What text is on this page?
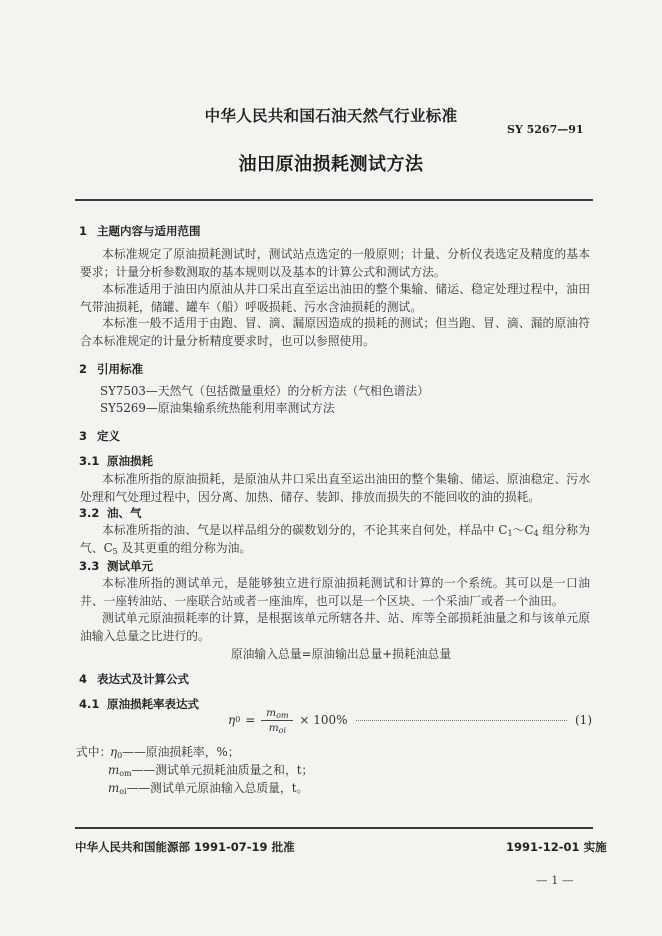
中华人民共和国石油天然气行业标准
SY 5267—91
油田原油损耗测试方法
1 主题内容与适用范围
本标准规定了原油损耗测试时，测试站点选定的一般原则；计量、分析仪表选定及精度的基本要求；计量分析参数测取的基本规则以及基本的计算公式和测试方法。
本标准适用于油田内原油从井口采出直至运出油田的整个集输、储运、稳定处理过程中，油田气带油损耗，储罐、罐车（船）呼吸损耗、污水含油损耗的测试。
本标准一般不适用于由跑、冒、滴、漏原因造成的损耗的测试；但当跑、冒、滴、漏的原油符合本标准规定的计量分析精度要求时，也可以参照使用。
2 引用标准
SY7503—天然气（包括微量重烃）的分析方法（气相色谱法）
SY5269—原油集输系统热能利用率测试方法
3 定义
3.1 原油损耗
本标准所指的原油损耗，是原油从井口采出直至运出油田的整个集输、储运、原油稳定、污水处理和气处理过程中，因分离、加热、储存、装卸、排放而损失的不能回收的油的损耗。
3.2 油、气
本标准所指的油、气是以样品组分的碳数划分的，不论其来自何处，样品中 $C_1\sim C_4$ 组分称为气、$C_5$ 及其更重的组分称为油。
3.3 测试单元
本标准所指的测试单元，是能够独立进行原油损耗测试和计算的一个系统。其可以是一口油井、一座转油站、一座联合站或者一座油库，也可以是一个区块、一个采油厂或者一个油田。
测试单元原油损耗率的计算，是根据该单元所辖各井、站、库等全部损耗油量之和与该单元原油输入总量之比进行的。
原油输入总量=原油输出总量+损耗油总量
4 表达式及计算公式
4.1 原油损耗率表达式
η $0 = \frac{m_{om}}{m_{oi}} \times 100\%$	(1)
式中：
$\eta_0——$原油损耗率，%；
$m_{om}——$测试单元损耗油质量之和，t；
$m_{oi}——$测试单元原油输入总质量，t。
中华人民共和国能源部 1991-07-19 批准	1991-12-01 实施
— 1 —
